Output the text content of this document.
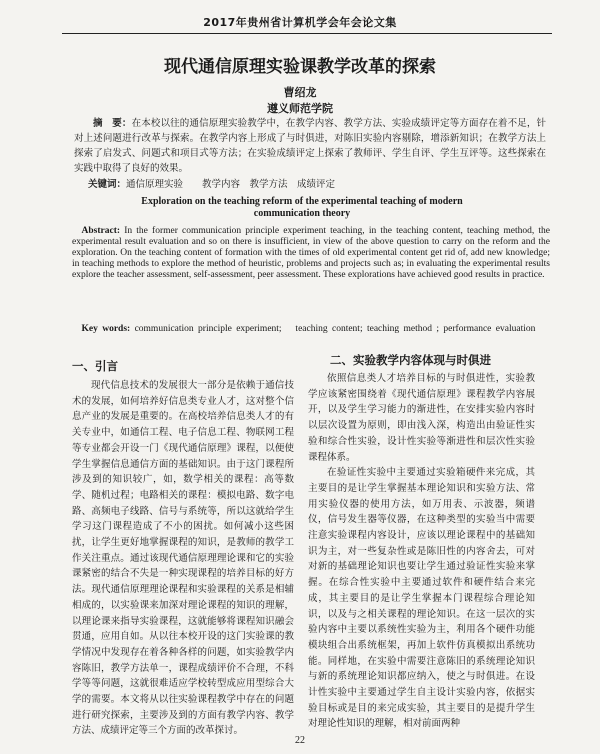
2017年贵州省计算机学会年会论文集
现代通信原理实验课教学改革的探索
曹绍龙
遵义师范学院
摘　要：在本校以往的通信原理实验教学中，在教学内容、教学方法、实验成绩评定等方面存在着不足，针对上述问题进行改革与探索。在教学内容上形成了与时俱进，对陈旧实验内容剔除，增添新知识；在教学方法上探索了启发式、问题式和项目式等方法；在实验成绩评定上探索了教师评、学生自评、学生互评等。这些探索在实践中取得了良好的效果。
关键词：通信原理实验　　教学内容　教学方法　成绩评定
Exploration on the teaching reform of the experimental teaching of modern communication theory
Abstract: In the former communication principle experiment teaching, in the teaching content, teaching method, the experimental result evaluation and so on there is insufficient, in view of the above question to carry on the reform and the exploration. On the teaching content of formation with the times of old experimental content get rid of, add new knowledge; in teaching methods to explore the method of heuristic, problems and projects such as; in evaluating the experimental results explore the teacher assessment, self-assessment, peer assessment. These explorations have achieved good results in practice.
Key words: communication principle experiment;　 teaching content; teaching method ; performance evaluation
一、引言

现代信息技术的发展很大一部分是依赖于通信技术的发展，如何培养好信息类专业人才，这对整个信息产业的发展是重要的。在高校培养信息类人才的有关专业中，如通信工程、电子信息工程、物联网工程等专业都会开设一门《现代通信原理》课程，以便使学生掌握信息通信方面的基础知识。由于这门课程所涉及到的知识较广，如，数学相关的课程：高等数学、随机过程；电路相关的课程：模拟电路、数字电路、高频电子线路、信号与系统等，所以这就给学生学习这门课程造成了不小的困扰。如何减小这些困扰，让学生更好地掌握课程的知识，是教师的教学工作关注重点。通过该现代通信原理理论课和它的实验课紧密的结合不失是一种实现课程的培养目标的好方法。现代通信原理理论课程和实验课程的关系是相辅相成的，以实验课来加深对理论课程的知识的理解，以理论课来指导实验课程，这就能够将课程知识融会贯通，应用自如。从以往本校开设的这门实验课的教学情况中发现存在着各种各样的问题，如实验教学内容陈旧，教学方法单一，课程成绩评价不合理，不科学等等问题，这就很难适应学校转型成应用型综合大学的需要。本文将从以往实验课程教学中存在的问题进行研究探索，主要涉及到的方面有教学内容、教学方法、成绩评定等三个方面的改革探讨。

二、实验教学内容体现与时俱进

依照信息类人才培养目标的与时俱进性，实验教学应该紧密围绕着《现代通信原理》课程教学内容展开，以及学生学习能力的渐进性，在安排实验内容时以层次设置为原则，即由浅入深，构造出由验证性实验和综合性实验，设计性实验等渐进性和层次性实验课程体系。

在验证性实验中主要通过实验箱硬件来完成，其主要目的是让学生掌握基本理论知识和实验方法、常用实验仪器的使用方法，如万用表、示波器，频谱仪，信号发生器等仪器，在这种类型的实验当中需要注意实验课程内容设计，应该以理论课程中的基础知识为主，对一些复杂性或是陈旧性的内容舍去，可对对新的基础理论知识也要让学生通过验证性实验来掌握。在综合性实验中主要通过软件和硬件结合来完成，其主要目的是让学生掌握本门课程综合理论知识，以及与之相关课程的理论知识。在这一层次的实验内容中主要以系统性实验为主，利用各个硬件功能模块组合出系统框架，再加上软件仿真模拟出系统功能。同样地，在实验中需要注意陈旧的系统理论知识与新的系统理论知识都应纳入，使之与时俱进。在设计性实验中主要通过学生自主设计实验内容，依据实验目标或是目的来完成实验，其主要目的是提升学生对理论性知识的理解，相对前面两种

22
